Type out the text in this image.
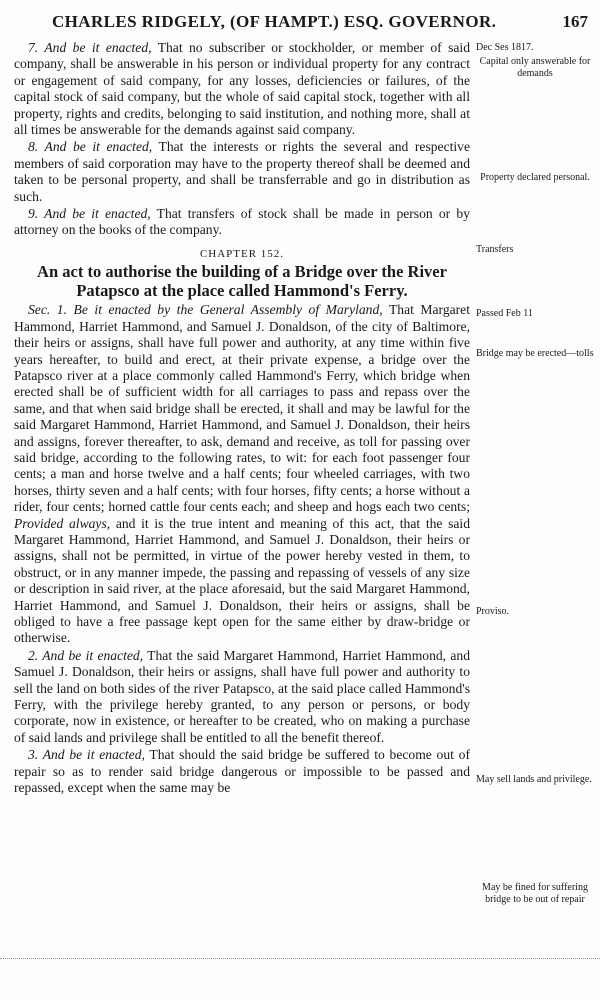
CHARLES RIDGELY, (OF HAMPT.) ESQ. GOVERNOR.	167

7. And be it enacted, That no subscriber or stockholder, or member of said company, shall be answerable in his person or individual property for any contract or engagement of said company, for any losses, deficiencies or failures, of the capital stock of said company, but the whole of said capital stock, together with all property, rights and credits, belonging to said institution, and nothing more, shall at all times be answerable for the demands against said company.

8. And be it enacted, That the interests or rights the several and respective members of said corporation may have to the property thereof shall be deemed and taken to be personal property, and shall be transferrable and go in distribution as such.

9. And be it enacted, That transfers of stock shall be made in person or by attorney on the books of the company.

CHAPTER 152.
An act to authorise the building of a Bridge over the River Patapsco at the place called Hammond's Ferry.

Sec. 1. Be it enacted by the General Assembly of Maryland, That Margaret Hammond, Harriet Hammond, and Samuel J. Donaldson, of the city of Baltimore, their heirs or assigns, shall have full power and authority, at any time within five years hereafter, to build and erect, at their private expense, a bridge over the Patapsco river at a place commonly called Hammond's Ferry, which bridge when erected shall be of sufficient width for all carriages to pass and repass over the same, and that when said bridge shall be erected, it shall and may be lawful for the said Margaret Hammond, Harriet Hammond, and Samuel J. Donaldson, their heirs and assigns, forever thereafter, to ask, demand and receive, as toll for passing over said bridge, according to the following rates, to wit: for each foot passenger four cents; a man and horse twelve and a half cents; four wheeled carriages, with two horses, thirty seven and a half cents; with four horses, fifty cents; a horse without a rider, four cents; horned cattle four cents each; and sheep and hogs each two cents; Provided always, and it is the true intent and meaning of this act, that the said Margaret Hammond, Harriet Hammond, and Samuel J. Donaldson, their heirs or assigns, shall not be permitted, in virtue of the power hereby vested in them, to obstruct, or in any manner impede, the passing and repassing of vessels of any size or description in said river, at the place aforesaid, but the said Margaret Hammond, Harriet Hammond, and Samuel J. Donaldson, their heirs or assigns, shall be obliged to have a free passage kept open for the same either by draw-bridge or otherwise.

2. And be it enacted, That the said Margaret Hammond, Harriet Hammond, and Samuel J. Donaldson, their heirs or assigns, shall have full power and authority to sell the land on both sides of the river Patapsco, at the said place called Hammond's Ferry, with the privilege hereby granted, to any person or persons, or body corporate, now in existence, or hereafter to be created, who on making a purchase of said lands and privilege shall be entitled to all the benefit thereof.

3. And be it enacted, That should the said bridge be suffered to become out of repair so as to render said bridge dangerous or impossible to be passed and repassed, except when the same may be

Dec Ses 1817.
Capital only answerable for demands
Property declared personal.
Transfers
Passed Feb 11
Bridge may be erected—tolls
Proviso.
May sell lands and privilege.
May be fined for suffering bridge to be out of repair
